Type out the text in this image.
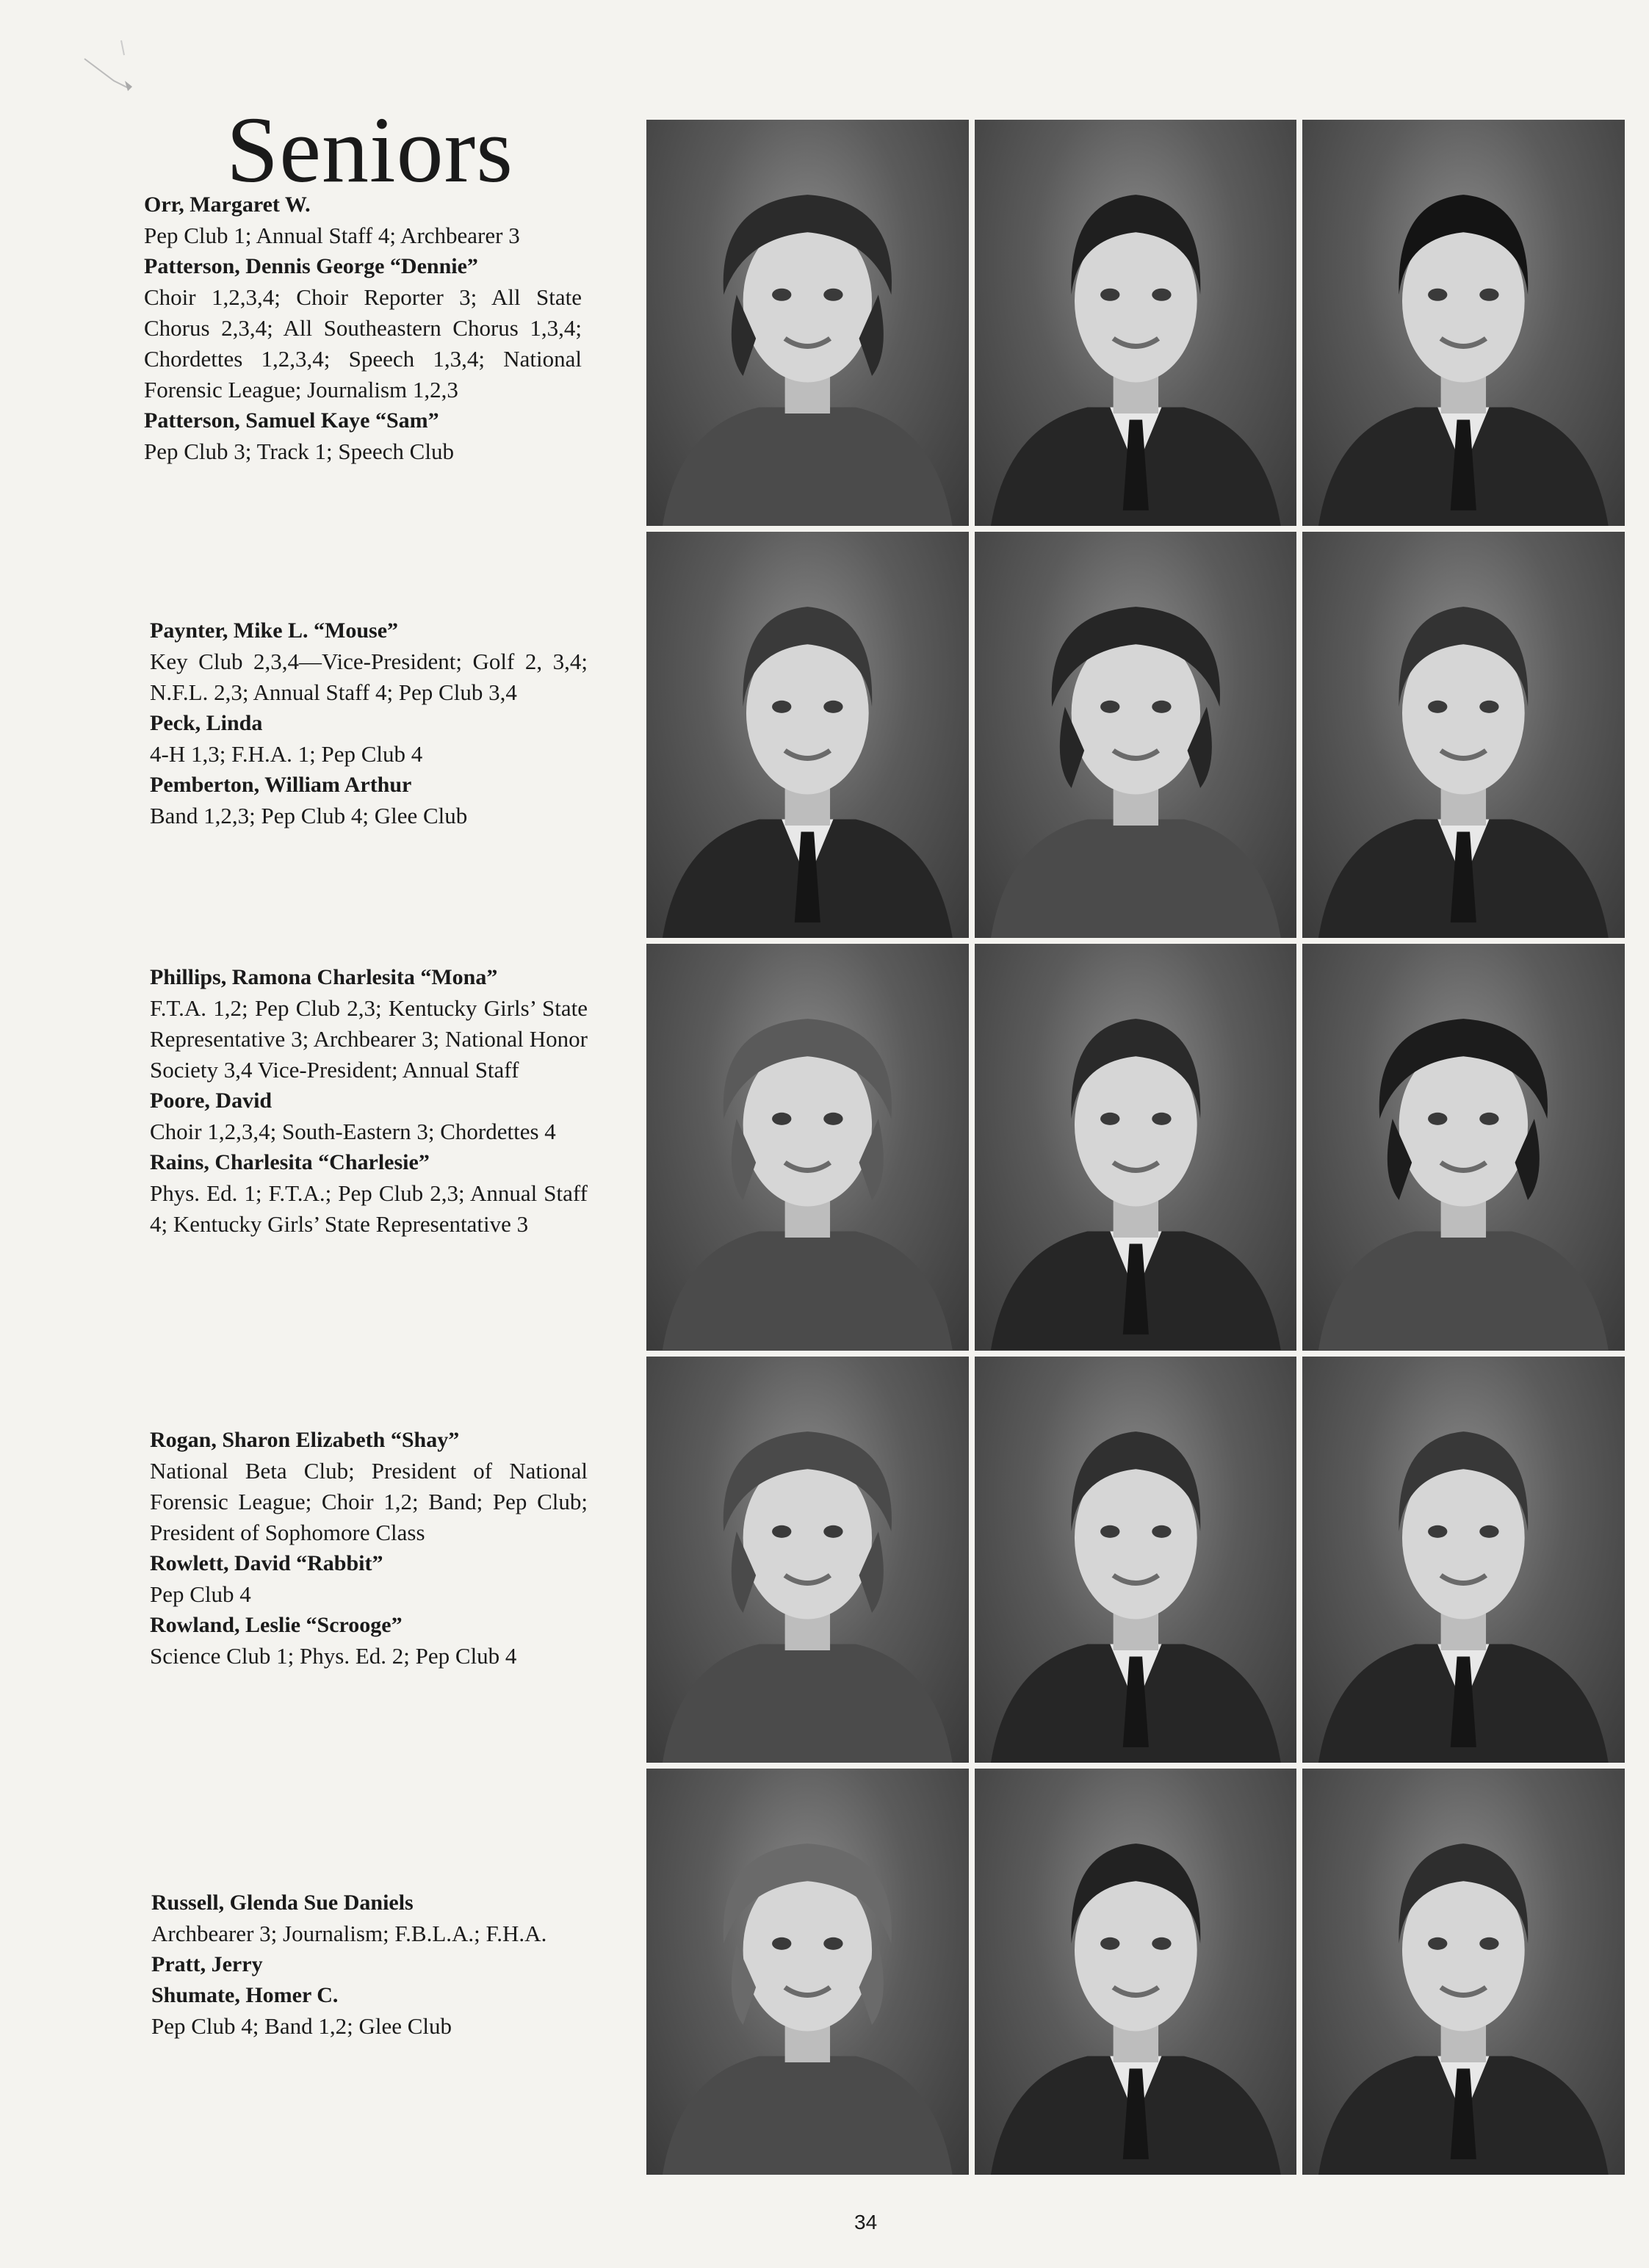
Seniors

Orr, Margaret W.

Pep Club 1; Annual Staff 4; Archbearer 3

Patterson, Dennis George “Dennie”

Choir 1,2,3,4; Choir Reporter 3; All State Chorus 2,3,4; All Southeastern Chorus 1,3,4; Chordettes 1,2,3,4; Speech 1,3,4; National Forensic League; Journalism 1,2,3

Patterson, Samuel Kaye “Sam”

Pep Club 3; Track 1; Speech Club

Paynter, Mike L. “Mouse”

Key Club 2,3,4—Vice-President; Golf 2, 3,4; N.F.L. 2,3; Annual Staff 4; Pep Club 3,4

Peck, Linda

4-H 1,3; F.H.A. 1; Pep Club 4

Pemberton, William Arthur

Band 1,2,3; Pep Club 4; Glee Club

Phillips, Ramona Charlesita “Mona”

F.T.A. 1,2; Pep Club 2,3; Kentucky Girls’ State Representative 3; Archbearer 3; National Honor Society 3,4 Vice-President; Annual Staff

Poore, David

Choir 1,2,3,4; South-Eastern 3; Chordettes 4

Rains, Charlesita “Charlesie”

Phys. Ed. 1; F.T.A.; Pep Club 2,3; Annual Staff 4; Kentucky Girls’ State Representative 3

Rogan, Sharon Elizabeth “Shay”

National Beta Club; President of National Forensic League; Choir 1,2; Band; Pep Club; President of Sophomore Class

Rowlett, David “Rabbit”

Pep Club 4

Rowland, Leslie “Scrooge”

Science Club 1; Phys. Ed. 2; Pep Club 4

Russell, Glenda Sue Daniels

Archbearer 3; Journalism; F.B.L.A.; F.H.A.

Pratt, Jerry

Shumate, Homer C.

Pep Club 4; Band 1,2; Glee Club

34
